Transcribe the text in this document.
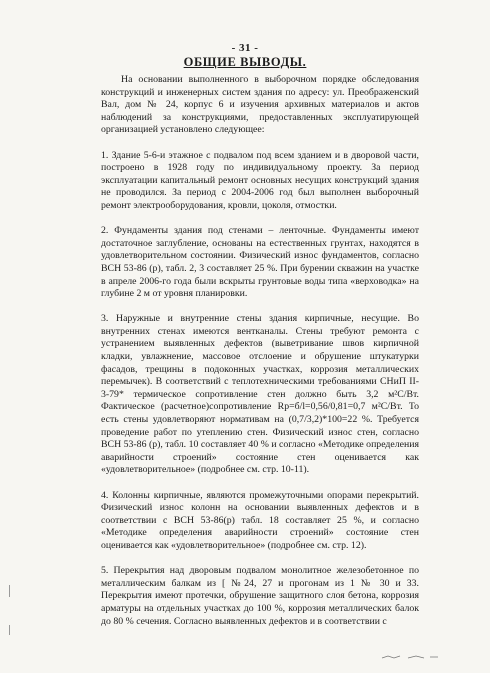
- 31 -
ОБЩИЕ ВЫВОДЫ.

На основании выполненного в выборочном порядке обследования конструкций и инженерных систем здания по адресу: ул. Преображенский Вал, дом № 24, корпус 6 и изучения архивных материалов и актов наблюдений за конструкциями, предоставленных эксплуатирующей организацией установлено следующее:

1. Здание 5-6-и этажное с подвалом под всем зданием и в дворовой части, построено в 1928 году по индивидуальному проекту. За период эксплуатации капитальный ремонт основных несущих конструкций здания не проводился. За период с 2004-2006 год был выполнен выборочный ремонт электрооборудования, кровли, цоколя, отмостки.

2. Фундаменты здания под стенами – ленточные. Фундаменты имеют достаточное заглубление, основаны на естественных грунтах, находятся в удовлетворительном состоянии. Физический износ фундаментов, согласно ВСН 53-86 (р), табл. 2, 3 составляет 25 %. При бурении скважин на участке в апреле 2006-го года были вскрыты грунтовые воды типа «верховодка» на глубине 2 м от уровня планировки.

3. Наружные и внутренние стены здания кирпичные, несущие. Во внутренних стенах имеются вентканалы. Стены требуют ремонта с устранением выявленных дефектов (выветривание швов кирпичной кладки, увлажнение, массовое отслоение и обрушение штукатурки фасадов, трещины в подоконных участках, коррозия металлических перемычек). В соответствий с теплотехническими требованиями СНиП II-3-79* термическое сопротивление стен должно быть 3,2 м²С/Вт. Фактическое (расчетное)сопротивление Rp=б/l=0,56/0,81=0,7 м²С/Вт. То есть стены удовлетворяют нормативам на (0,7/3,2)*100=22 %. Требуется проведение работ по утеплению стен. Физический износ стен, согласно ВСН 53-86 (р), табл. 10 составляет 40 % и согласно «Методике определения аварийности строений» состояние стен оценивается как «удовлетворительное» (подробнее см. стр. 10-11).

4. Колонны кирпичные, являются промежуточными опорами перекрытий. Физический износ колонн на основании выявленных дефектов и в соответствии с ВСН 53-86(р) табл. 18 составляет 25 %, и согласно «Методике определения аварийности строений» состояние стен оценивается как «удовлетворительное» (подробнее см. стр. 12).

5. Перекрытия над дворовым подвалом монолитное железобетонное по металлическим балкам из [ №24, 27 и прогонам из 1 № 30 и 33. Перекрытия имеют протечки, обрушение защитного слоя бетона, коррозия арматуры на отдельных участках до 100 %, коррозия металлических балок до 80 % сечения. Согласно выявленных дефектов и в соответствии с
